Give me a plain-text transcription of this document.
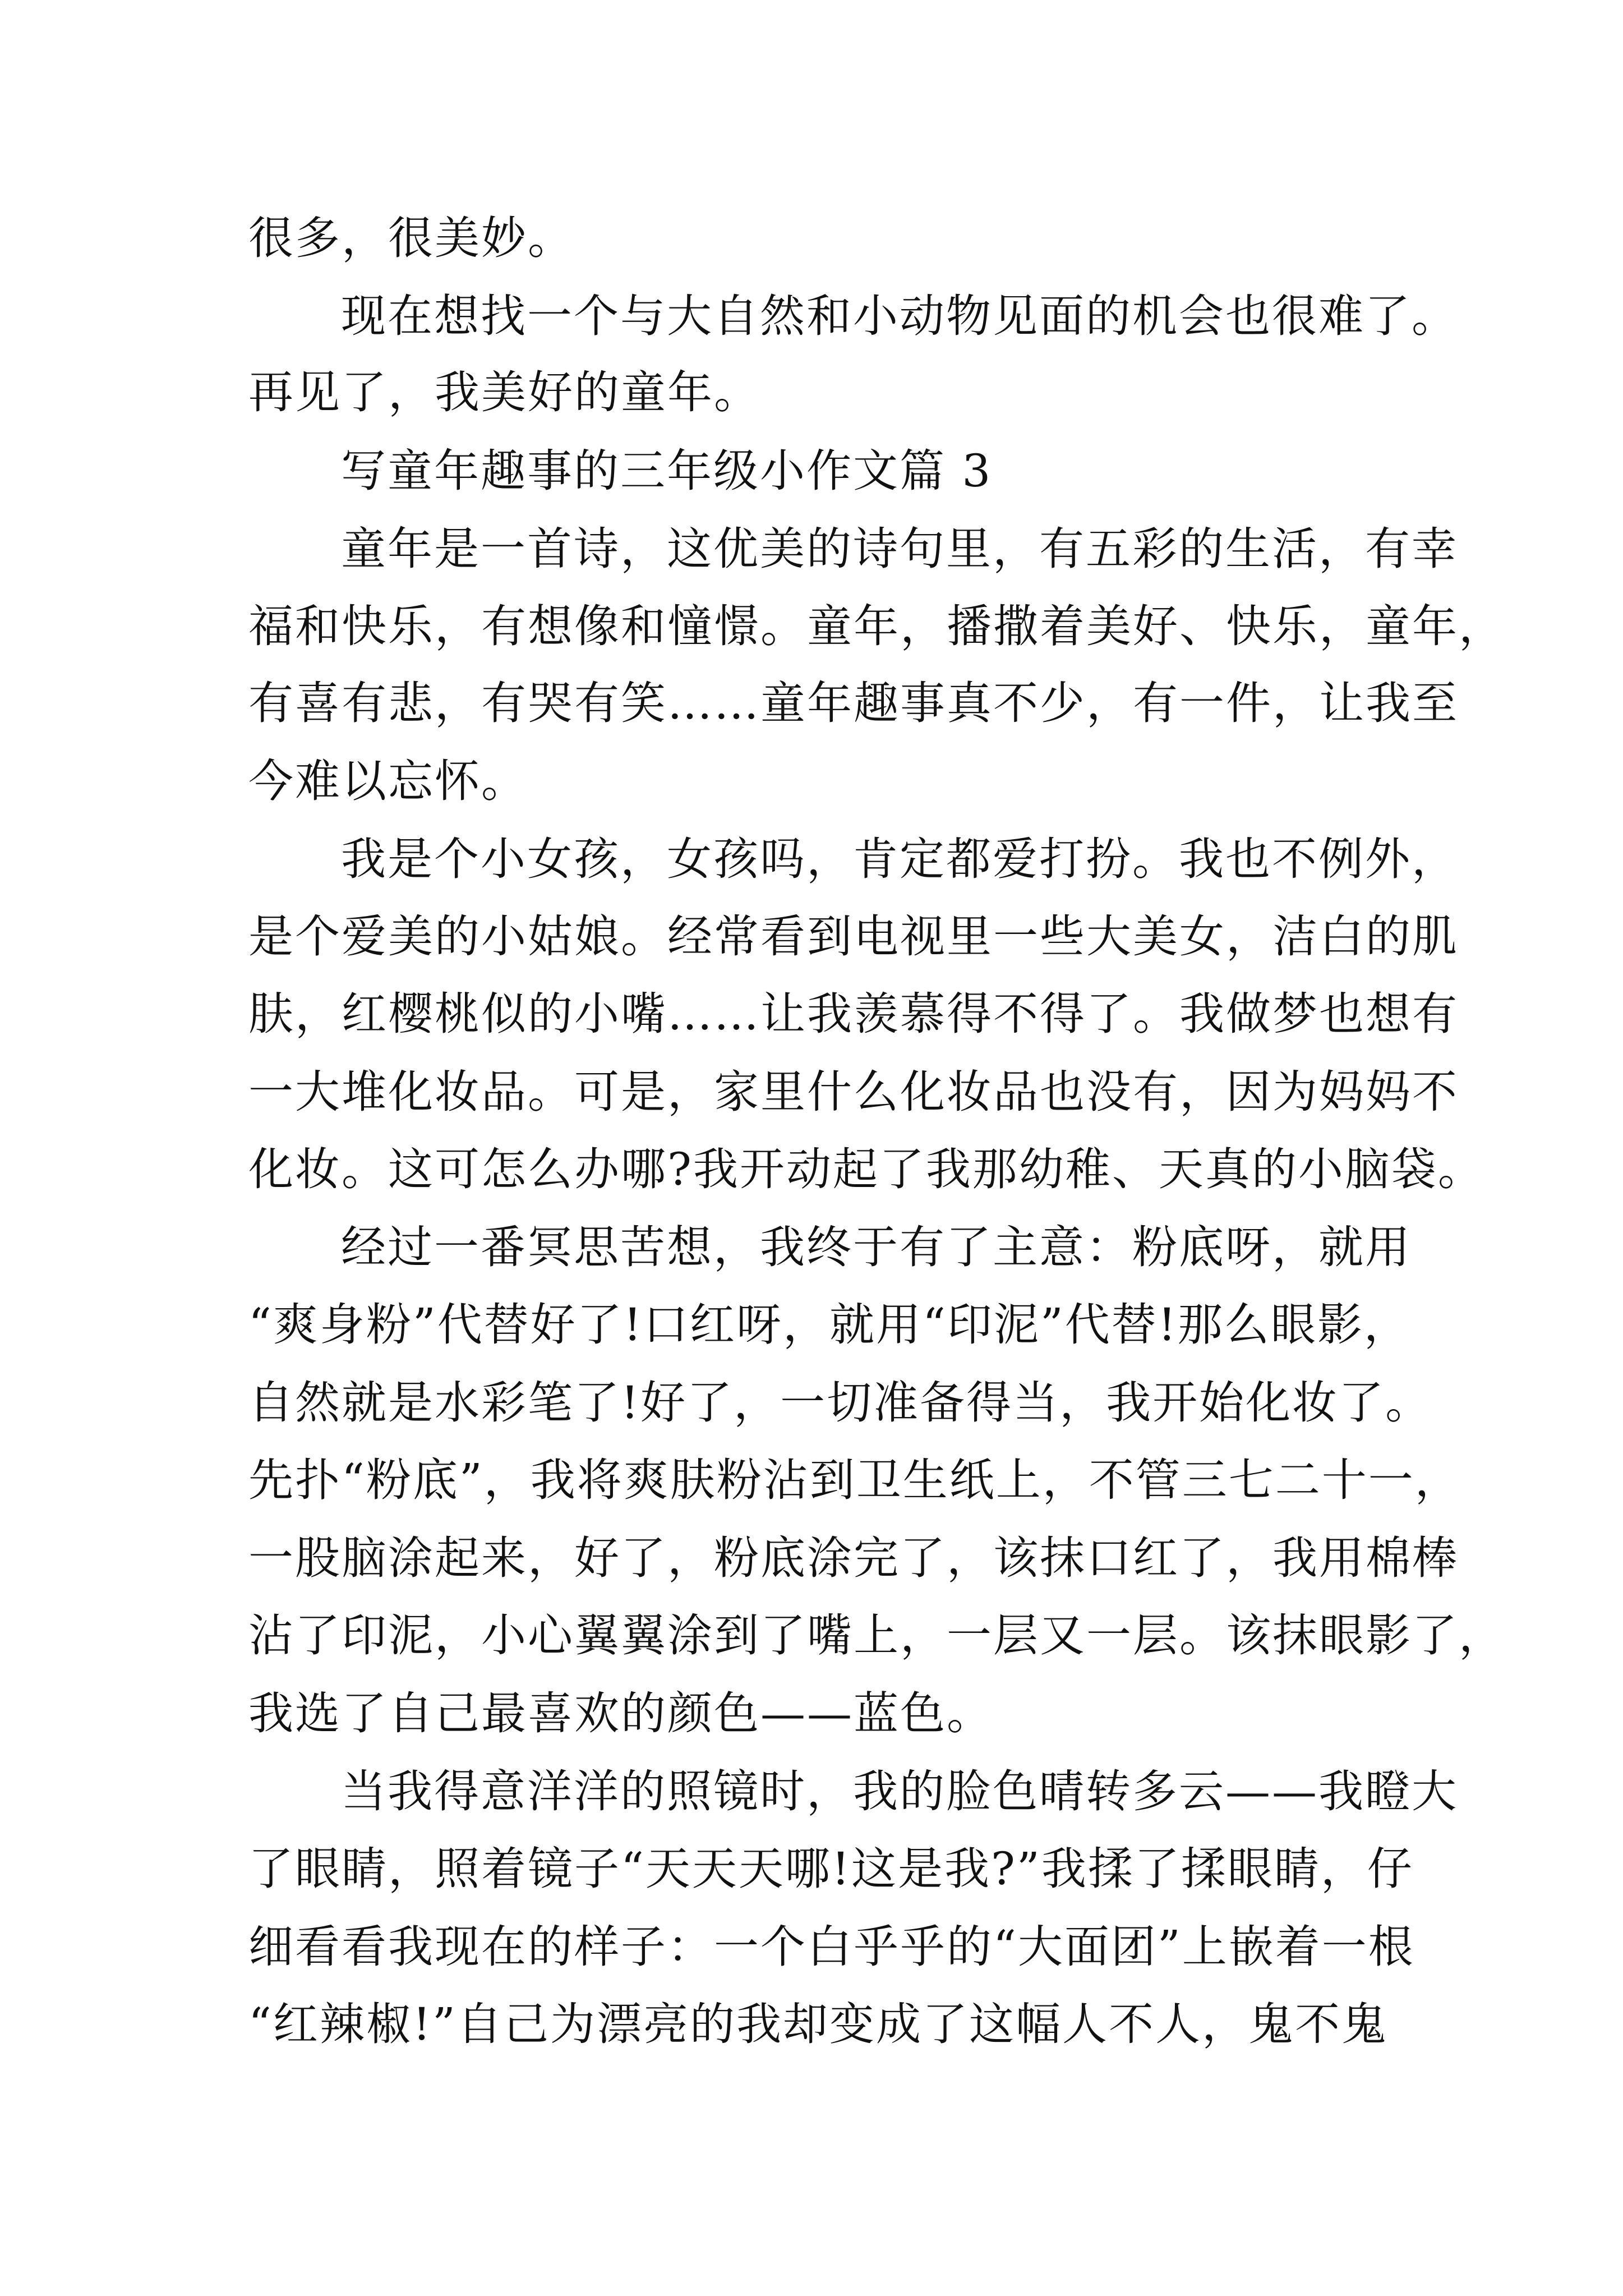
很多，很美妙。
现在想找一个与大自然和小动物见面的机会也很难了。
再见了，我美好的童年。
写童年趣事的三年级小作文篇 3
童年是一首诗，这优美的诗句里，有五彩的生活，有幸
福和快乐，有想像和憧憬。童年，播撒着美好、快乐，童年，
有喜有悲，有哭有笑……童年趣事真不少，有一件，让我至
今难以忘怀。
我是个小女孩，女孩吗，肯定都爱打扮。我也不例外，
是个爱美的小姑娘。经常看到电视里一些大美女，洁白的肌
肤，红樱桃似的小嘴……让我羡慕得不得了。我做梦也想有
一大堆化妆品。可是，家里什么化妆品也没有，因为妈妈不
化妆。这可怎么办哪?我开动起了我那幼稚、天真的小脑袋。
经过一番冥思苦想，我终于有了主意：粉底呀，就用
“爽身粉”代替好了!口红呀，就用“印泥”代替!那么眼影，
自然就是水彩笔了!好了，一切准备得当，我开始化妆了。
先扑“粉底”，我将爽肤粉沾到卫生纸上，不管三七二十一，
一股脑涂起来，好了，粉底涂完了，该抹口红了，我用棉棒
沾了印泥，小心翼翼涂到了嘴上，一层又一层。该抹眼影了，
我选了自己最喜欢的颜色——蓝色。
当我得意洋洋的照镜时，我的脸色晴转多云——我瞪大
了眼睛，照着镜子“天天天哪!这是我?”我揉了揉眼睛，仔
细看看我现在的样子：一个白乎乎的“大面团”上嵌着一根
“红辣椒!”自己为漂亮的我却变成了这幅人不人，鬼不鬼
